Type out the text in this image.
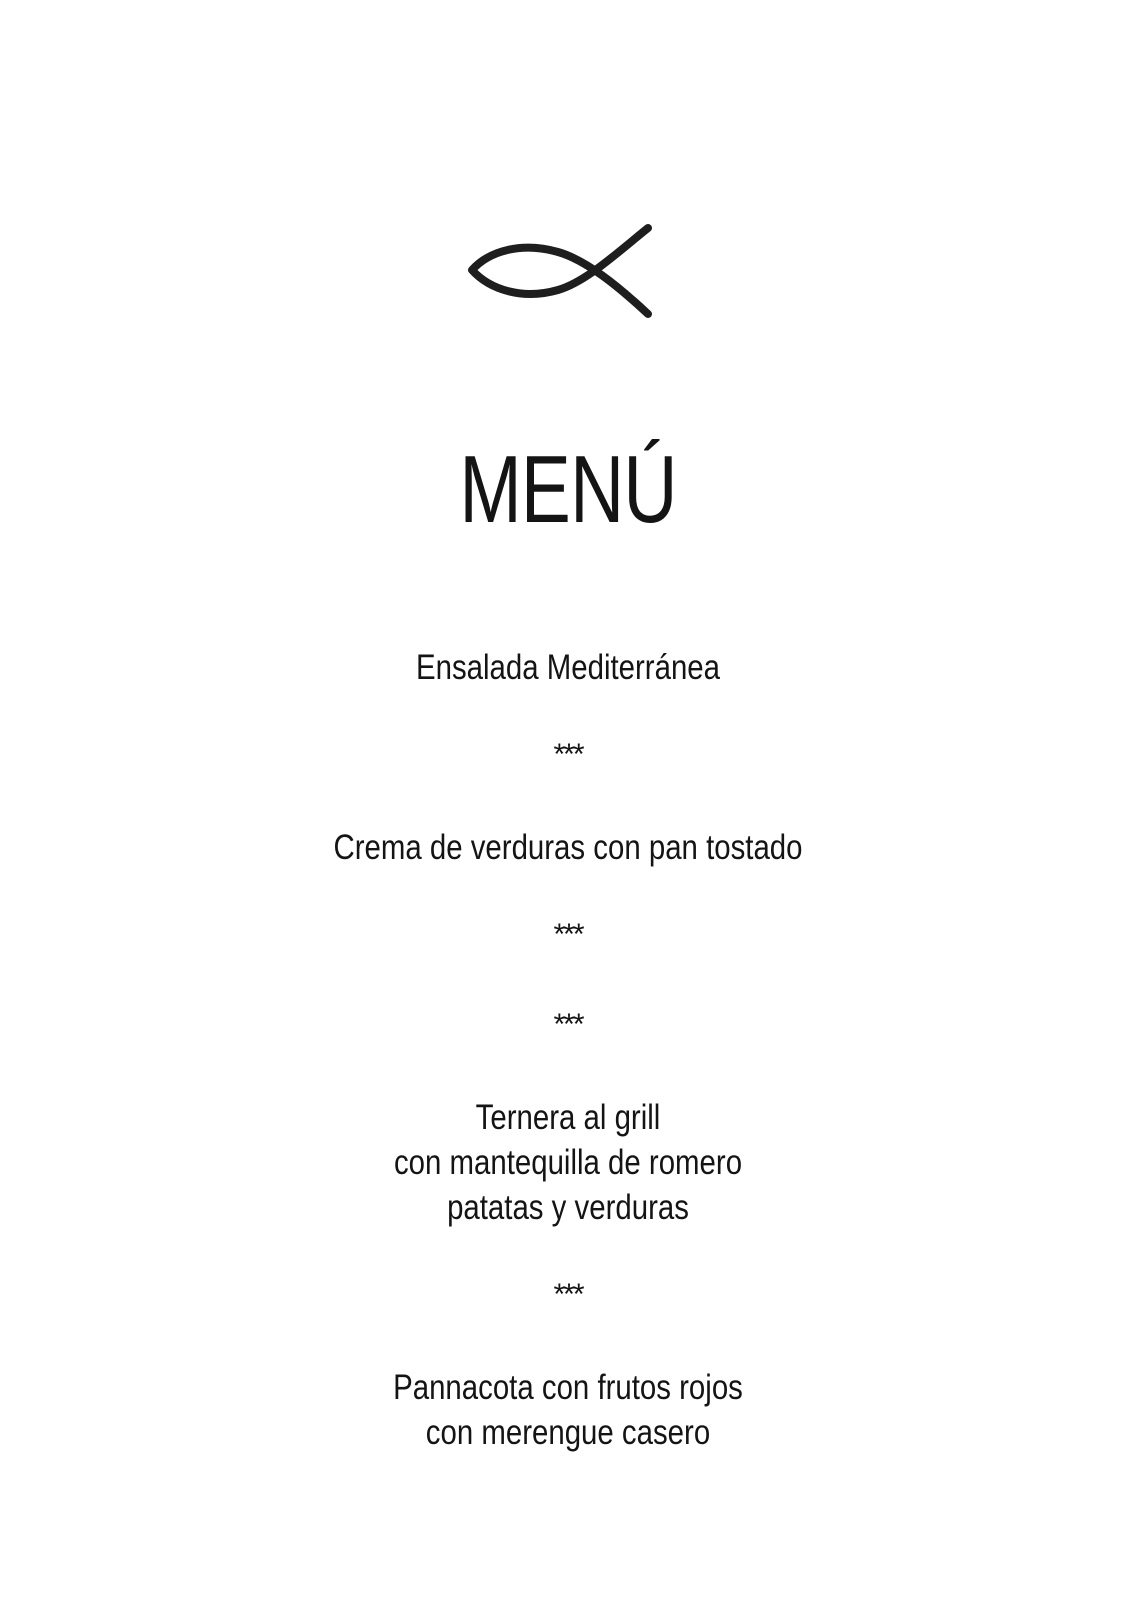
MENÚ
Ensalada Mediterránea
***
Crema de verduras con pan tostado
***
***
Ternera al grill
con mantequilla de romero
patatas y verduras
***
Pannacota con frutos rojos
con merengue casero
